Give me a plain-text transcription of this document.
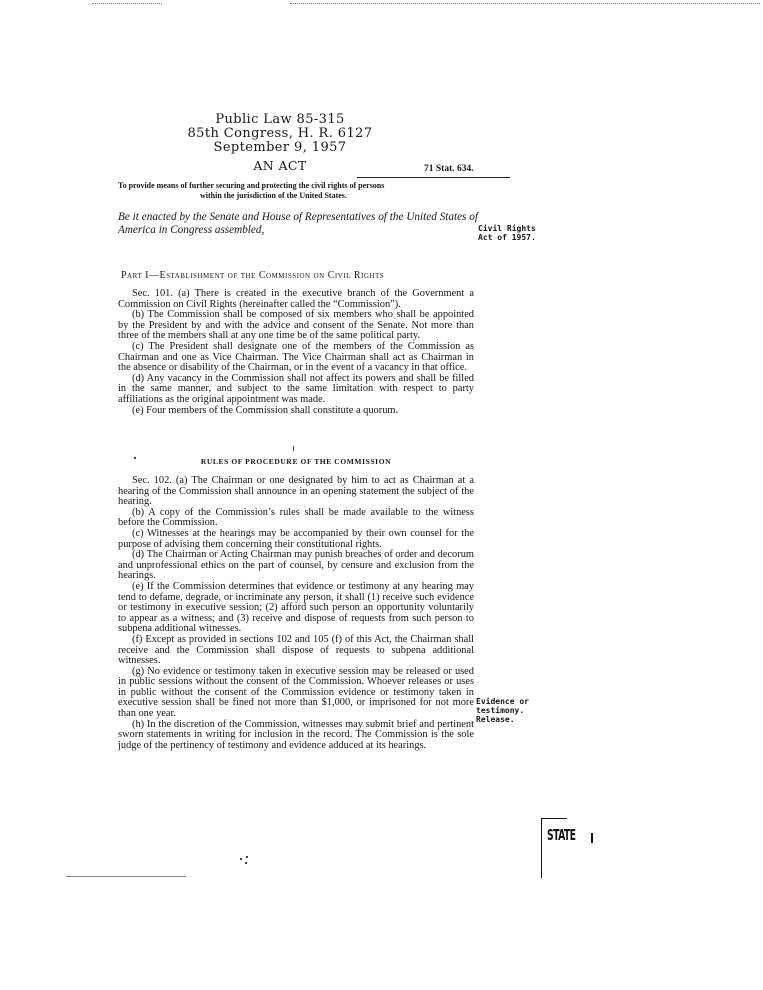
Public Law 85-315
85th Congress, H. R. 6127
September 9, 1957
AN ACT	71 Stat. 634.
To provide means of further securing and protecting the civil rights of persons
within the jurisdiction of the United States.
Be it enacted by the Senate and House of Representatives of the United States of America in Congress assembled,	Civil Rights
Act of 1957.
Part I—Establishment of the Commission on Civil Rights

Sec. 101. (a) There is created in the executive branch of the Government a Commission on Civil Rights (hereinafter called the “Commission”).

(b) The Commission shall be composed of six members who shall be appointed by the President by and with the advice and consent of the Senate. Not more than three of the members shall at any one time be of the same political party.

(c) The President shall designate one of the members of the Commission as Chairman and one as Vice Chairman. The Vice Chairman shall act as Chairman in the absence or disability of the Chairman, or in the event of a vacancy in that office.

(d) Any vacancy in the Commission shall not affect its powers and shall be filled in the same manner, and subject to the same limitation with respect to party affiliations as the original appointment was made.

(e) Four members of the Commission shall constitute a quorum.

RULES OF PROCEDURE OF THE COMMISSION

Sec. 102. (a) The Chairman or one designated by him to act as Chairman at a hearing of the Commission shall announce in an opening statement the subject of the hearing.

(b) A copy of the Commission’s rules shall be made available to the witness before the Commission.

(c) Witnesses at the hearings may be accompanied by their own counsel for the purpose of advising them concerning their constitutional rights.

(d) The Chairman or Acting Chairman may punish breaches of order and decorum and unprofessional ethics on the part of counsel, by censure and exclusion from the hearings.

(e) If the Commission determines that evidence or testimony at any hearing may tend to defame, degrade, or incriminate any person, it shall (1) receive such evidence or testimony in executive session; (2) afford such person an opportunity voluntarily to appear as a witness; and (3) receive and dispose of requests from such person to subpena additional witnesses.

(f) Except as provided in sections 102 and 105 (f) of this Act, the Chairman shall receive and the Commission shall dispose of requests to subpena additional witnesses.

(g) No evidence or testimony taken in executive session may be released or used in public sessions without the consent of the Commission. Whoever releases or uses in public without the consent of the Commission evidence or testimony taken in executive session shall be fined not more than $1,000, or imprisoned for not more than one year.

(h) In the discretion of the Commission, witnesses may submit brief and pertinent sworn statements in writing for inclusion in the record. The Commission is the sole judge of the pertinency of testimony and evidence adduced at its hearings.

Evidence or
testimony.
Release.
STATE
